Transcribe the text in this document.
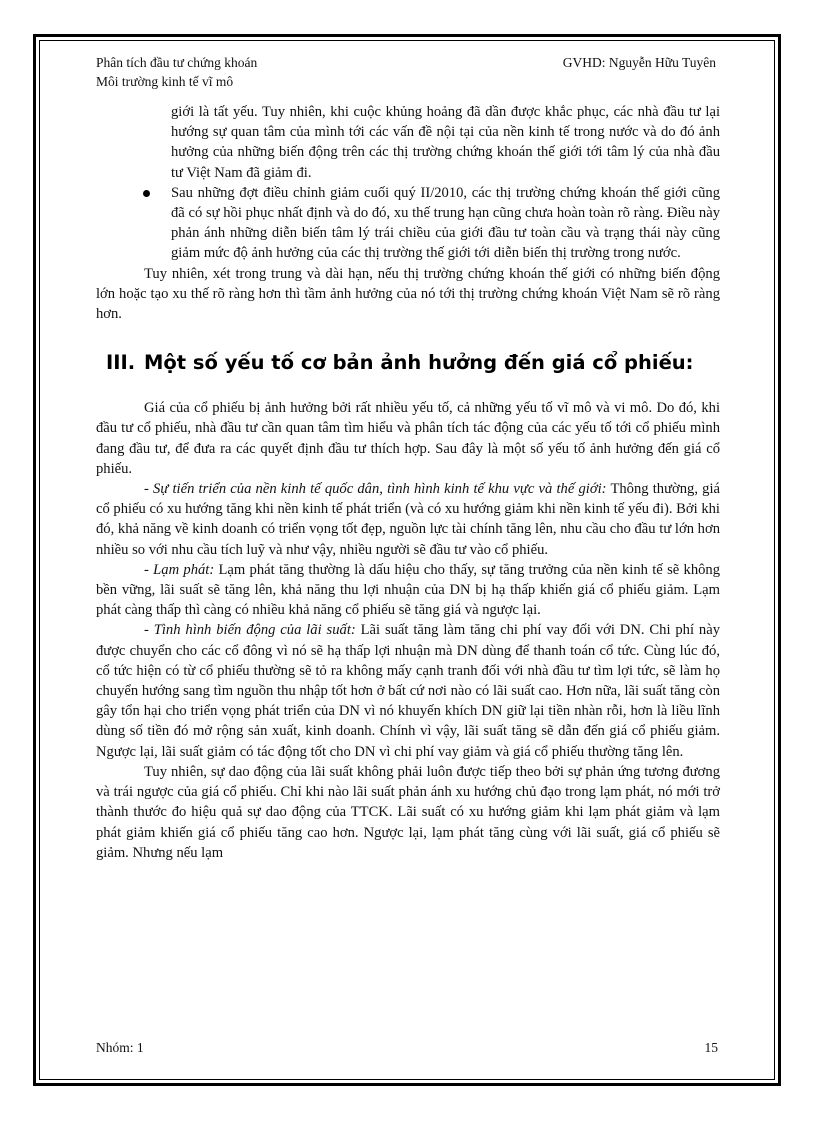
Phân tích đầu tư chứng khoán
Môi trường kinh tế vĩ mô
GVHD: Nguyễn Hữu Tuyên

giới là tất yếu. Tuy nhiên, khi cuộc khủng hoảng đã dần được khắc phục, các nhà đầu tư lại hướng sự quan tâm của mình tới các vấn đề nội tại của nền kinh tế trong nước và do đó ảnh hưởng của những biến động trên các thị trường chứng khoán thế giới tới tâm lý của nhà đầu tư Việt Nam đã giảm đi.

Sau những đợt điều chỉnh giảm cuối quý II/2010, các thị trường chứng khoán thế giới cũng đã có sự hồi phục nhất định và do đó, xu thế trung hạn cũng chưa hoàn toàn rõ ràng. Điều này phản ánh những diễn biến tâm lý trái chiều của giới đầu tư toàn cầu và trạng thái này cũng giảm mức độ ảnh hưởng của các thị trường thế giới tới diễn biến thị trường trong nước.

Tuy nhiên, xét trong trung và dài hạn, nếu thị trường chứng khoán thế giới có những biến động lớn hoặc tạo xu thế rõ ràng hơn thì tầm ảnh hưởng của nó tới thị trường chứng khoán Việt Nam sẽ rõ ràng hơn.

III. Một số yếu tố cơ bản ảnh hưởng đến giá cổ phiếu:

Giá của cổ phiếu bị ảnh hưởng bởi rất nhiều yếu tố, cả những yếu tố vĩ mô và vi mô. Do đó, khi đầu tư cổ phiếu, nhà đầu tư cần quan tâm tìm hiểu và phân tích tác động của các yếu tố tới cổ phiếu mình đang đầu tư, để đưa ra các quyết định đầu tư thích hợp. Sau đây là một số yếu tố ảnh hưởng đến giá cổ phiếu.

- Sự tiến triển của nền kinh tế quốc dân, tình hình kinh tế khu vực và thế giới: Thông thường, giá cổ phiếu có xu hướng tăng khi nền kinh tế phát triển (và có xu hướng giảm khi nền kinh tế yếu đi). Bởi khi đó, khả năng về kinh doanh có triển vọng tốt đẹp, nguồn lực tài chính tăng lên, nhu cầu cho đầu tư lớn hơn nhiều so với nhu cầu tích luỹ và như vậy, nhiều người sẽ đầu tư vào cổ phiếu.

- Lạm phát: Lạm phát tăng thường là dấu hiệu cho thấy, sự tăng trưởng của nền kinh tế sẽ không bền vững, lãi suất sẽ tăng lên, khả năng thu lợi nhuận của DN bị hạ thấp khiến giá cổ phiếu giảm. Lạm phát càng thấp thì càng có nhiều khả năng cổ phiếu sẽ tăng giá và ngược lại.

- Tình hình biến động của lãi suất: Lãi suất tăng làm tăng chi phí vay đối với DN. Chi phí này được chuyển cho các cổ đông vì nó sẽ hạ thấp lợi nhuận mà DN dùng để thanh toán cổ tức. Cùng lúc đó, cổ tức hiện có từ cổ phiếu thường sẽ tỏ ra không mấy cạnh tranh đối với nhà đầu tư tìm lợi tức, sẽ làm họ chuyển hướng sang tìm nguồn thu nhập tốt hơn ở bất cứ nơi nào có lãi suất cao. Hơn nữa, lãi suất tăng còn gây tổn hại cho triển vọng phát triển của DN vì nó khuyến khích DN giữ lại tiền nhàn rỗi, hơn là liều lĩnh dùng số tiền đó mở rộng sản xuất, kinh doanh. Chính vì vậy, lãi suất tăng sẽ dẫn đến giá cổ phiếu giảm. Ngược lại, lãi suất giảm có tác động tốt cho DN vì chi phí vay giảm và giá cổ phiếu thường tăng lên.

Tuy nhiên, sự dao động của lãi suất không phải luôn được tiếp theo bởi sự phản ứng tương đương và trái ngược của giá cổ phiếu. Chỉ khi nào lãi suất phản ánh xu hướng chủ đạo trong lạm phát, nó mới trở thành thước đo hiệu quả sự dao động của TTCK. Lãi suất có xu hướng giảm khi lạm phát giảm và lạm phát giảm khiến giá cổ phiếu tăng cao hơn. Ngược lại, lạm phát tăng cùng với lãi suất, giá cổ phiếu sẽ giảm. Nhưng nếu lạm

Nhóm: 1	15
